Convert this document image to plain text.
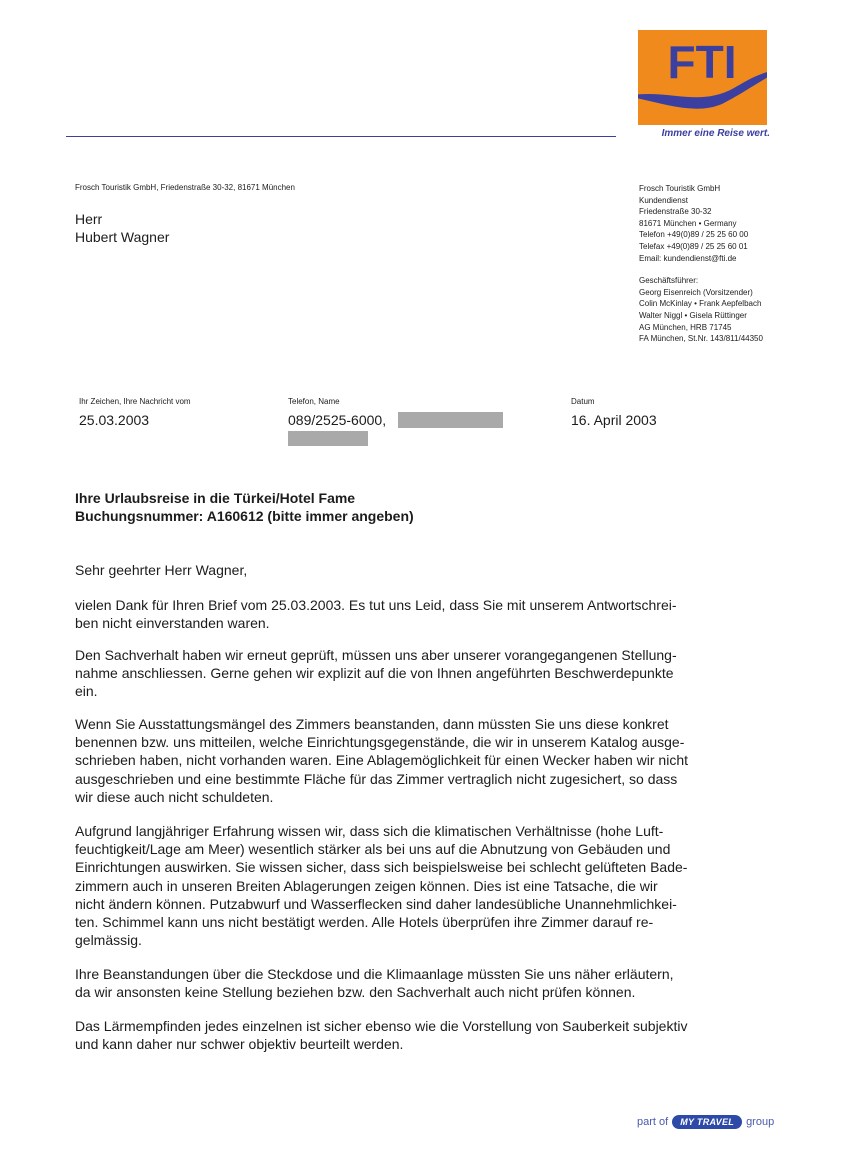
FTI
Immer eine Reise wert.
Frosch Touristik GmbH, Friedenstraße 30-32, 81671 München
Herr
Hubert Wagner
Frosch Touristik GmbH
Kundendienst
Friedenstraße 30-32
81671 München • Germany
Telefon +49(0)89 / 25 25 60 00
Telefax +49(0)89 / 25 25 60 01
Email: kundendienst@fti.de
Geschäftsführer:
Georg Eisenreich (Vorsitzender)
Colin McKinlay • Frank Aepfelbach
Walter Niggl • Gisela Rüttinger
AG München, HRB 71745
FA München, St.Nr. 143/811/44350
Ihr Zeichen, Ihre Nachricht vom
25.03.2003
Telefon, Name
089/2525-6000,
Datum
16. April 2003
Ihre Urlaubsreise in die Türkei/Hotel Fame
Buchungsnummer: A160612 (bitte immer angeben)

Sehr geehrter Herr Wagner,

vielen Dank für Ihren Brief vom 25.03.2003. Es tut uns Leid, dass Sie mit unserem Antwortschrei-

ben nicht einverstanden waren.

Den Sachverhalt haben wir erneut geprüft, müssen uns aber unserer vorangegangenen Stellung-

nahme anschliessen. Gerne gehen wir explizit auf die von Ihnen angeführten Beschwerdepunkte

ein.

Wenn Sie Ausstattungsmängel des Zimmers beanstanden, dann müssten Sie uns diese konkret

benennen bzw. uns mitteilen, welche Einrichtungsgegenstände, die wir in unserem Katalog ausge-

schrieben haben, nicht vorhanden waren. Eine Ablagemöglichkeit für einen Wecker haben wir nicht

ausgeschrieben und eine bestimmte Fläche für das Zimmer vertraglich nicht zugesichert, so dass

wir diese auch nicht schuldeten.

Aufgrund langjähriger Erfahrung wissen wir, dass sich die klimatischen Verhältnisse (hohe Luft-

feuchtigkeit/Lage am Meer) wesentlich stärker als bei uns auf die Abnutzung von Gebäuden und

Einrichtungen auswirken. Sie wissen sicher, dass sich beispielsweise bei schlecht gelüfteten Bade-

zimmern auch in unseren Breiten Ablagerungen zeigen können. Dies ist eine Tatsache, die wir

nicht ändern können. Putzabwurf und Wasserflecken sind daher landesübliche Unannehmlichkei-

ten. Schimmel kann uns nicht bestätigt werden. Alle Hotels überprüfen ihre Zimmer darauf re-

gelmässig.

Ihre Beanstandungen über die Steckdose und die Klimaanlage müssten Sie uns näher erläutern,

da wir ansonsten keine Stellung beziehen bzw. den Sachverhalt auch nicht prüfen können.

Das Lärmempfinden jedes einzelnen ist sicher ebenso wie die Vorstellung von Sauberkeit subjektiv

und kann daher nur schwer objektiv beurteilt werden.

part of	MY TRAVEL	group
